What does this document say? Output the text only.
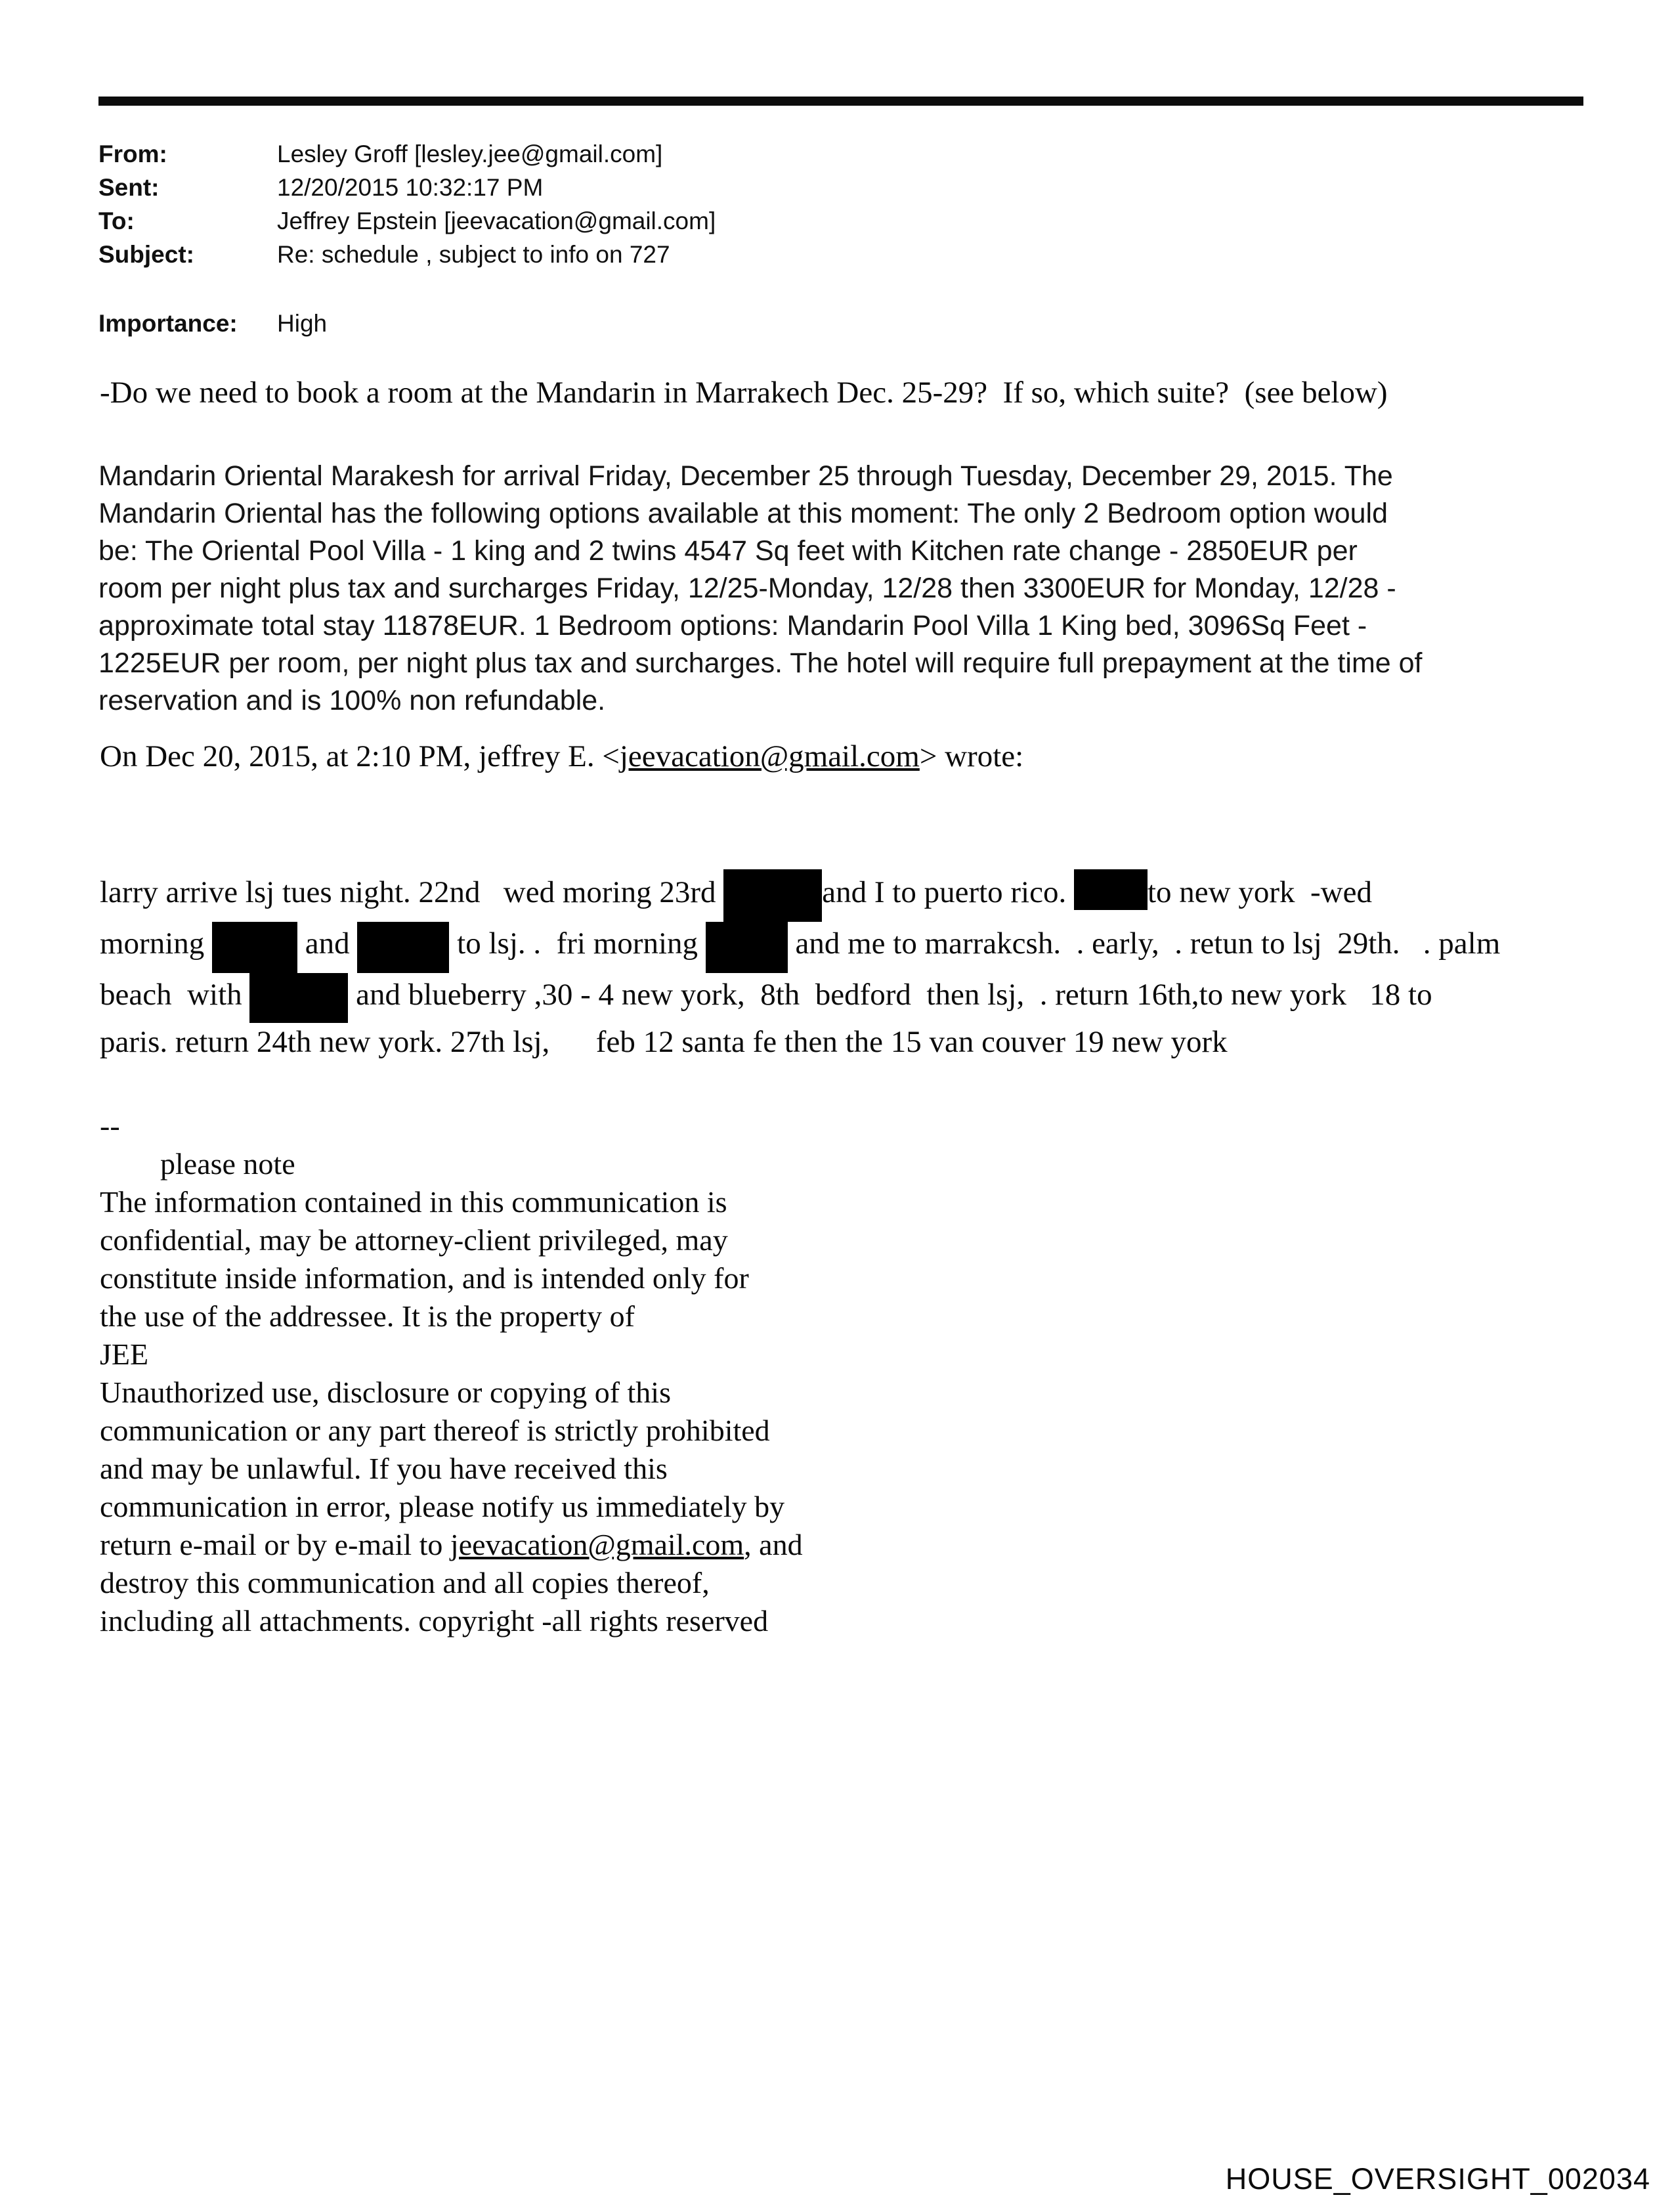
From:	Lesley Groff [lesley.jee@gmail.com]
Sent:	12/20/2015 10:32:17 PM
To:	Jeffrey Epstein [jeevacation@gmail.com]
Subject:	Re: schedule , subject to info on 727
Importance:	High
-Do we need to book a room at the Mandarin in Marrakech Dec. 25-29?  If so, which suite?  (see below)
Mandarin Oriental Marakesh for arrival Friday, December 25 through Tuesday, December 29, 2015. The
Mandarin Oriental has the following options available at this moment: The only 2 Bedroom option would
be: The Oriental Pool Villa - 1 king and 2 twins 4547 Sq feet with Kitchen rate change - 2850EUR per
room per night plus tax and surcharges Friday, 12/25-Monday, 12/28 then 3300EUR for Monday, 12/28 -
approximate total stay 11878EUR. 1 Bedroom options: Mandarin Pool Villa 1 King bed, 3096Sq Feet -
1225EUR per room, per night plus tax and surcharges. The hotel will require full prepayment at the time of
reservation and is 100% non refundable.
On Dec 20, 2015, at 2:10 PM, jeffrey E. <jeevacation@gmail.com> wrote:
larry arrive lsj tues night. 22nd   wed moring 23rd	and I to puerto rico. to new york  -wed
morning	and	to lsj. .  fri morning	and me to marrakcsh.  . early,  . retun to lsj  29th.   . palm
beach  with	and blueberry ,30 - 4 new york,  8th  bedford  then lsj,  . return 16th,to new york   18 to
paris. return 24th new york. 27th lsj,      feb 12 santa fe then the 15 van couver 19 new york
--
please note
The information contained in this communication is
confidential, may be attorney-client privileged, may
constitute inside information, and is intended only for
the use of the addressee. It is the property of
JEE
Unauthorized use, disclosure or copying of this
communication or any part thereof is strictly prohibited
and may be unlawful. If you have received this
communication in error, please notify us immediately by
return e-mail or by e-mail to jeevacation@gmail.com, and
destroy this communication and all copies thereof,
including all attachments. copyright -all rights reserved
HOUSE_OVERSIGHT_002034
